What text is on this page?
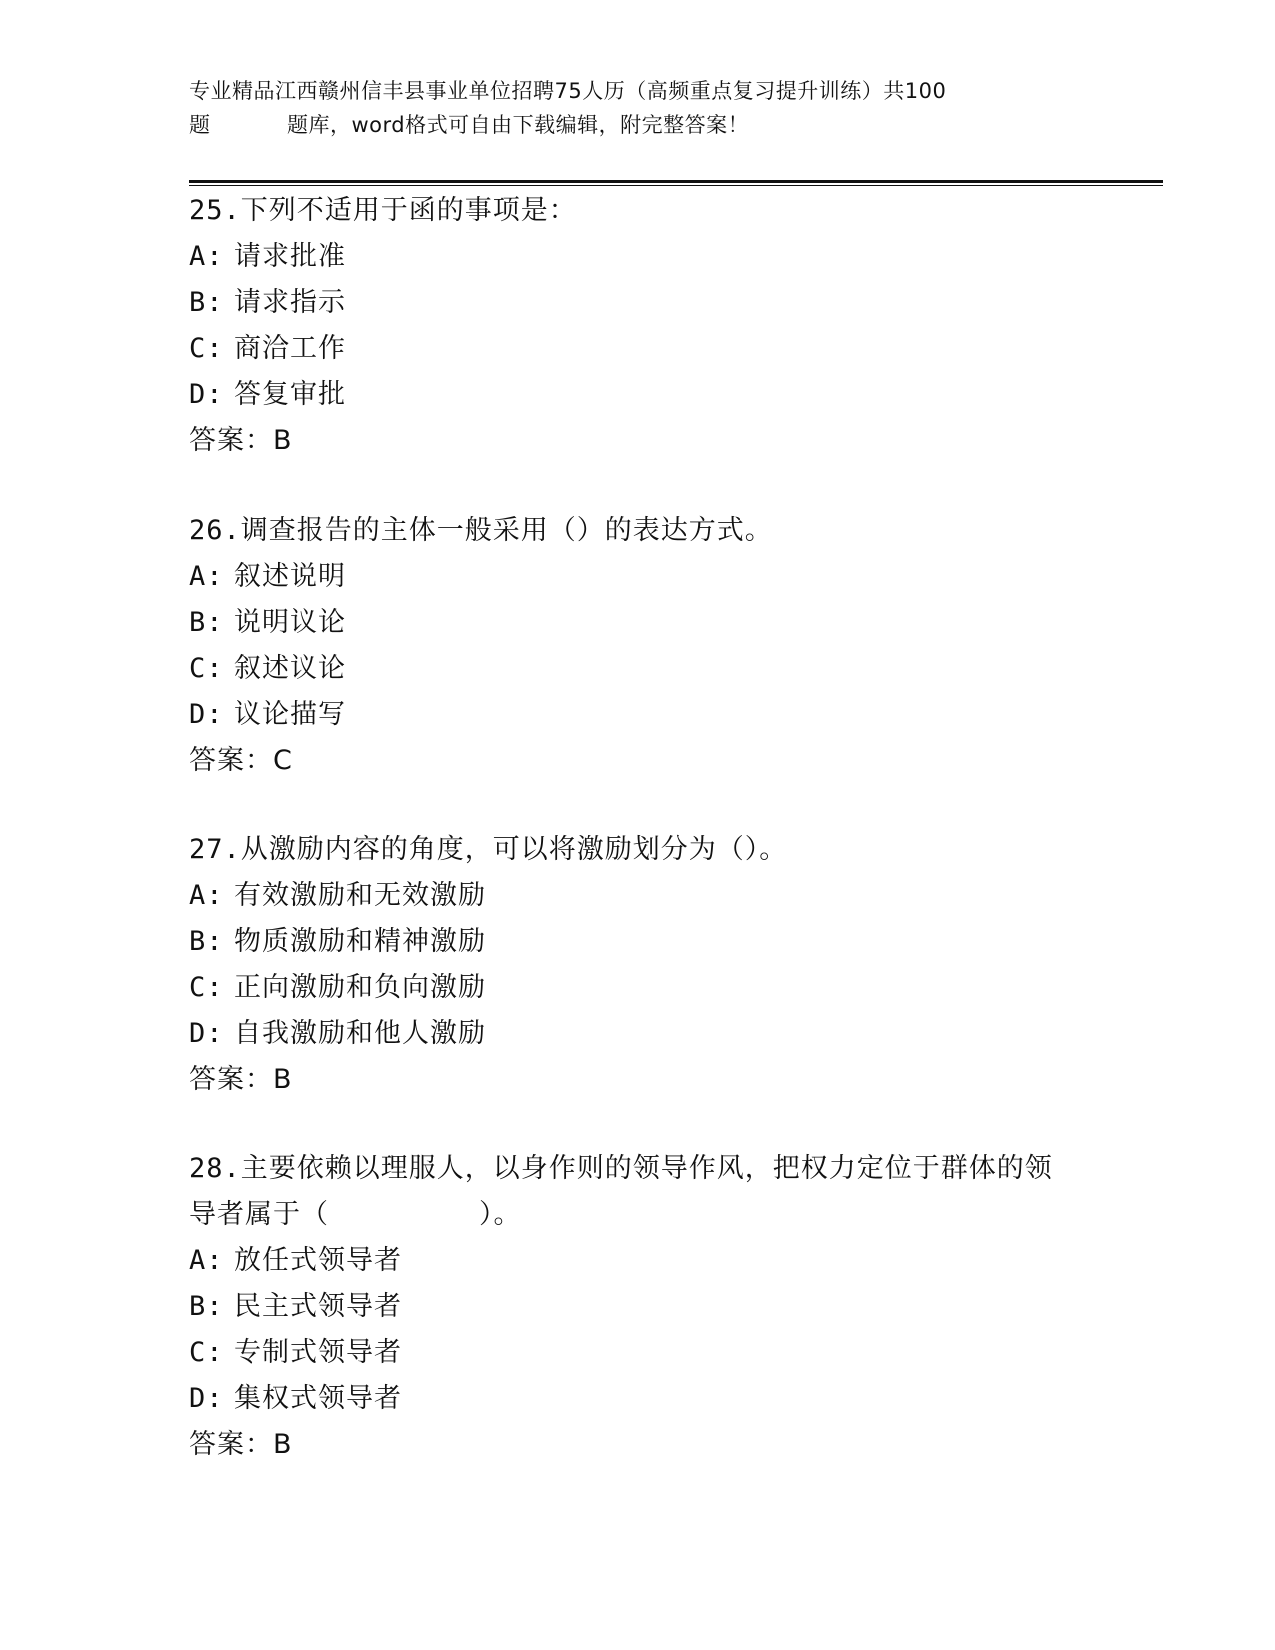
专业精品江西赣州信丰县事业单位招聘75人历（高频重点复习提升训练）共100
题	题库，word格式可自由下载编辑，附完整答案！
25.下列不适用于函的事项是：
A: 请求批准
B: 请求指示
C: 商洽工作
D: 答复审批
答案：B
26.调查报告的主体一般采用（）的表达方式。
A: 叙述说明
B: 说明议论
C: 叙述议论
D: 议论描写
答案：C
27.从激励内容的角度，可以将激励划分为（）。
A: 有效激励和无效激励
B: 物质激励和精神激励
C: 正向激励和负向激励
D: 自我激励和他人激励
答案：B
28.主要依赖以理服人，以身作则的领导作风，把权力定位于群体的领
导者属于（	）。
A: 放任式领导者
B: 民主式领导者
C: 专制式领导者
D: 集权式领导者
答案：B
